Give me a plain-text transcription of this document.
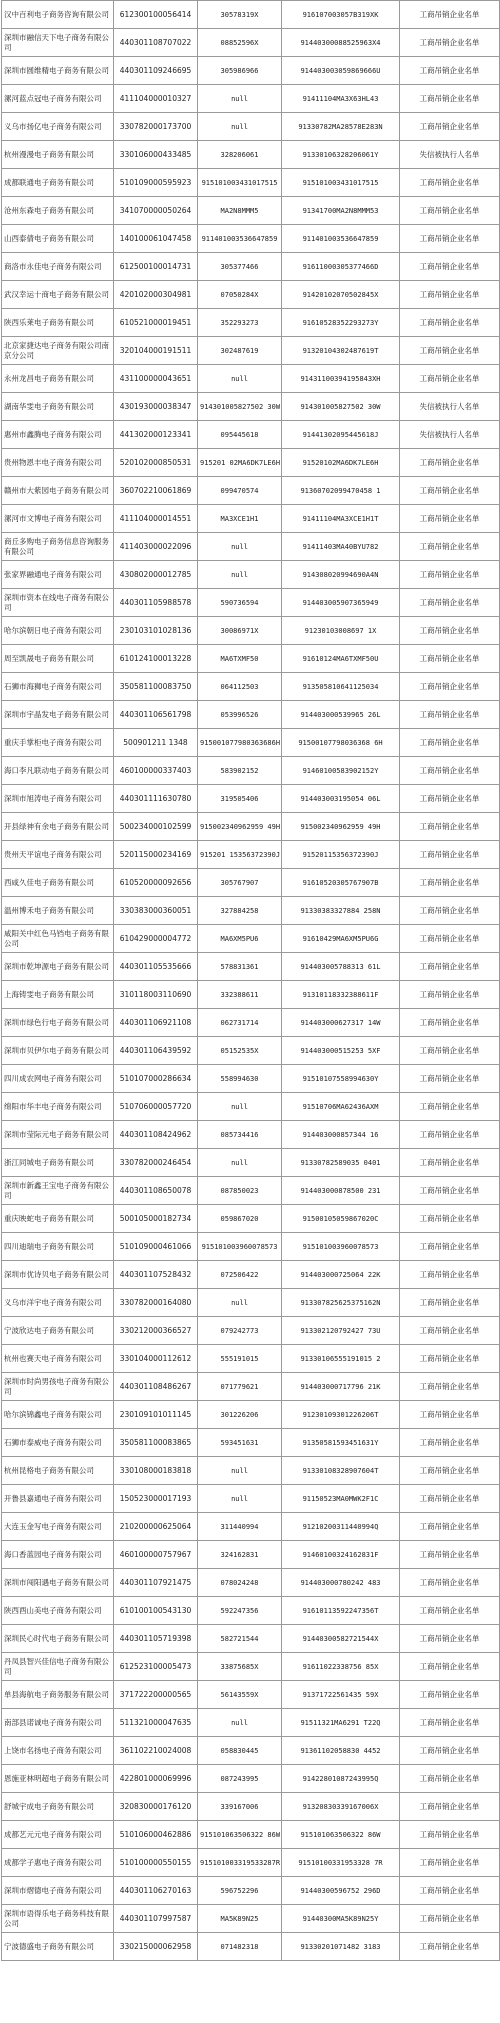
汉中百利电子商务咨询有限公司	612300100056414	30578319X	916107003057B319XK	工商吊销企业名单
深圳市融信天下电子商务有限公司	440301108707022	08852596X	91440300088525963X4	工商吊销企业名单
深圳市圆维精电子商务有限公司	440301109246695	305986966	914403003059869666U	工商吊销企业名单
漯河蓝点冠电子商务有限公司	411104000010327	null	91411104MA3X63HL43	工商吊销企业名单
义乌市扬亿电子商务有限公司	330782000173700	null	91330782MA28578E283N	工商吊销企业名单
杭州漫漫电子商务有限公司	330106000433485	328206061	91330106328206061Y	失信被执行人名单
成都联通电子商务有限公司	510109000595923	915101003431017515	915101003431017515	工商吊销企业名单
沧州东森电子商务有限公司	341070000050264	MA2N8MMM5	91341700MA2N8MMM53	工商吊销企业名单
山西泰倩电子商务有限公司	140100061047458	911401003536647859	911401003536647859	工商吊销企业名单
商洛市永佳电子商务有限公司	612500100014731	305377466	91611000305377466D	工商吊销企业名单
武汉幸运十商电子商务有限公司	420102000304981	07050284X	91420102070502845X	工商吊销企业名单
陕西乐莱电子商务有限公司	610521000019451	352293273	91610528352293273Y	工商吊销企业名单
北京家捷达电子商务有限公司南京分公司	320104000191511	302487619	91320104302487619T	工商吊销企业名单
永州龙昌电子商务有限公司	431100000043651	null	91431100394195843XH	工商吊销企业名单
湖南华雯电子商务有限公司	430193000038347	914301005827502 30W	914301005827502 30W	失信被执行人名单
惠州市鑫腾电子商务有限公司	441302000123341	095445618	91441302095445618J	失信被执行人名单
贵州物恩丰电子商务有限公司	520102000850531	915201 02MA6DK7LE6H	91520102MA6DK7LE6H	工商吊销企业名单
赣州市大紫园电子商务有限公司	360702210061869	099470574	91360702099470458 1	工商吊销企业名单
漯河市文博电子商务有限公司	411104000014551	MA3XCE1H1	91411104MA3XCE1H1T	工商吊销企业名单
商丘多购电子商务信息咨询服务有限公司	411403000022096	null	91411403MA40BYU782	工商吊销企业名单
张家界融通电子商务有限公司	430802000012785	null	914308020994690A4N	工商吊销企业名单
深圳市资本在线电子商务有限公司	440301105988578	590736594	914403005907365949	工商吊销企业名单
哈尔滨朝日电子商务有限公司	230103101028136	30086971X	91230103008697 1X	工商吊销企业名单
周至凯晟电子商务有限公司	610124100013228	MA6TXMF50	91610124MA6TXMF50U	工商吊销企业名单
石狮市海狮电子商务有限公司	350581100083750	064112503	913505810641125034	工商吊销企业名单
深圳市宇晶发电子商务有限公司	440301106561798	053996526	914403000539965 26L	工商吊销企业名单
重庆手掌柜电子商务有限公司	500901211 1348	915001077980363686H	91500107798036368 6H	工商吊销企业名单
海口李凡联动电子商务有限公司	460100000337403	583902152	91460100583902152Y	工商吊销企业名单
深圳市旭涛电子商务有限公司	440301111630780	319505406	914403003195054 06L	工商吊销企业名单
开县绿神有余电子商务有限公司	500234000102599	915002340962959 49H	915002340962959 49H	工商吊销企业名单
贵州天平谊电子商务有限公司	520115000234169	915201 15356372390J	91520115356372390J	工商吊销企业名单
西咸久佳电子商务有限公司	610520000092656	305767907	91610520305767907B	工商吊销企业名单
温州博禾电子商务有限公司	330383000360051	327884258	91330383327884 258N	工商吊销企业名单
咸阳关中红色马铛电子商务有限公司	610429000004772	MA6XM5PU6	91610429MA6XM5PU6G	工商吊销企业名单
深圳市乾坤源电子商务有限公司	440301105535666	578831361	914403005788313 61L	工商吊销企业名单
上海铸雯电子商务有限公司	310118003110690	332388611	91310118332388611F	工商吊销企业名单
深圳市绿色行电子商务有限公司	440301106921108	062731714	914403000627317 14W	工商吊销企业名单
深圳市贝伊尔电子商务有限公司	440301106439592	05152535X	914403000515253 5XF	工商吊销企业名单
四川成农网电子商务有限公司	510107000286634	558994630	91510107558994630Y	工商吊销企业名单
绵阳市华丰电子商务有限公司	510706000057720	null	91510706MA62436AXM	工商吊销企业名单
深圳市莹际元电子商务有限公司	440301108424962	085734416	914403000857344 16	工商吊销企业名单
浙江同城电子商务有限公司	330782000246454	null	91330782589035 0401	工商吊销企业名单
深圳市新鑫王宝电子商务有限公司	440301108650078	087850023	914403000878500 231	工商吊销企业名单
重庆映蛇电子商务有限公司	500105000182734	059867020	91500105059867020C	工商吊销企业名单
四川迪瑞电子商务有限公司	510109000461066	915101003960078573	915101003960078573	工商吊销企业名单
深圳市优诗贝电子商务有限公司	440301107528432	072506422	914403000725064 22K	工商吊销企业名单
义乌市洋宇电子商务有限公司	330782000164080	null	913307825625375162N	工商吊销企业名单
宁波欣达电子商务有限公司	330212000366527	079242773	913302120792427 73U	工商吊销企业名单
杭州也赛天电子商务有限公司	330104000112612	555191015	91330106555191015 2	工商吊销企业名单
深圳市时尚男孩电子商务有限公司	440301108486267	071779621	914403000717796 21K	工商吊销企业名单
哈尔滨锦鑫电子商务有限公司	230109101011145	301226206	91230109301226206T	工商吊销企业名单
石狮市泰威电子商务有限公司	350581100083865	593451631	91350581593451631Y	工商吊销企业名单
杭州昆格电子商务有限公司	330108000183818	null	91330108328907604T	工商吊销企业名单
开鲁县嘉通电子商务有限公司	150523000017193	null	91150523MA0MWK2F1C	工商吊销企业名单
大连玉金写电子商务有限公司	210200000625064	311440994	91210200311440994Q	工商吊销企业名单
海口香蓝园电子商务有限公司	460100000757967	324162831	91460100324162831F	工商吊销企业名单
深圳市闯阳遇电子商务有限公司	440301107921475	078024248	914403000780242 483	工商吊销企业名单
陕西酉山美电子商务有限公司	610100100543130	592247356	91610113592247356T	工商吊销企业名单
深圳民心时代电子商务有限公司	440301105719398	582721544	91440300582721544X	工商吊销企业名单
丹凤县智兴佳信电子商务有限公司	612523100005473	33875685X	91611022338756 85X	工商吊销企业名单
单县海航电子商务服务有限公司	371722200000565	56143559X	91371722561435 59X	工商吊销企业名单
南部县诺诚电子商务有限公司	511321000047635	null	91511321MA6291 T22Q	工商吊销企业名单
上饶市名扬电子商务有限公司	361102210024008	058830445	91361102058830 4452	工商吊销企业名单
恩施亚林明超电子商务有限公司	422801000069996	087243995	91422801087243995Q	工商吊销企业名单
舒城宇成电子商务有限公司	320830000176120	339167006	91320830339167006X	工商吊销企业名单
成都艺元元电子商务有限公司	510106000462886	915101063506322 86W	915101063506322 86W	工商吊销企业名单
成都学子惠电子商务有限公司	510100000550155	915101003319533287R	91510100331953328 7R	工商吊销企业名单
深圳市熠德电子商务有限公司	440301106270163	596752296	91440300596752 296D	工商吊销企业名单
深圳市语得乐电子商务科技有限公司	440301107997587	MA5K89N25	91440300MA5K89N25Y	工商吊销企业名单
宁波德盛电子商务有限公司	330215000062958	071482318	91330201071482 3183	工商吊销企业名单
